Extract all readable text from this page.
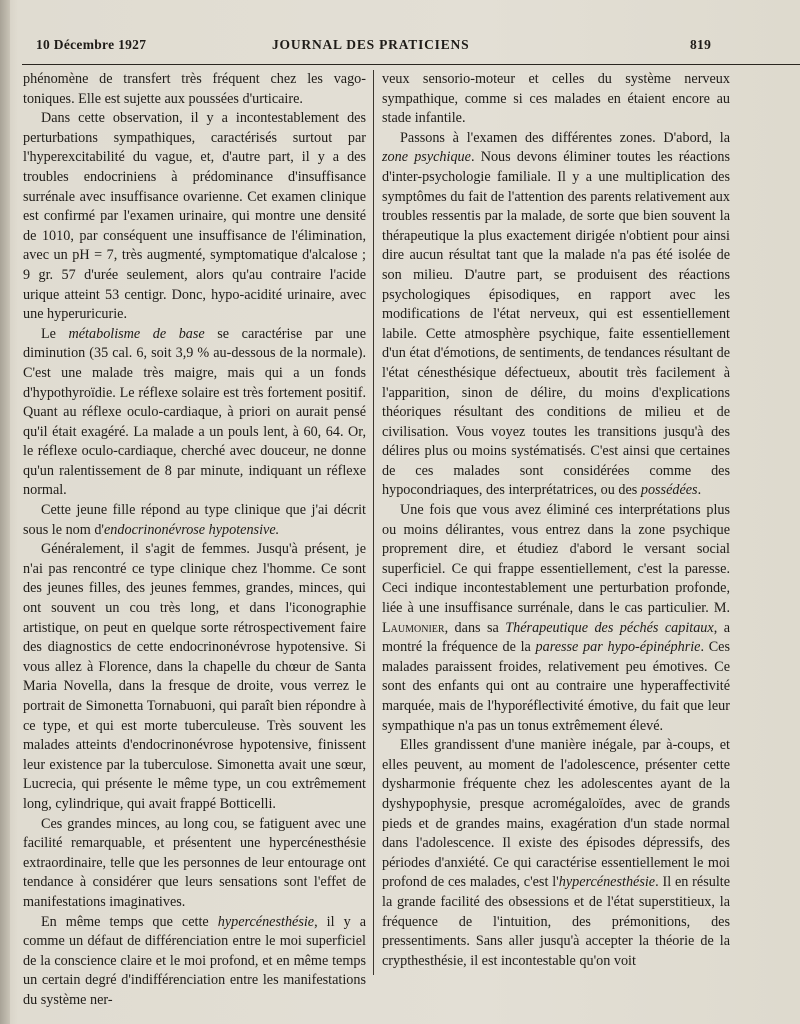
10 Décembre 1927	JOURNAL DES PRATICIENS	819

phénomène de transfert très fréquent chez les vago-toniques. Elle est sujette aux poussées d'urticaire.

Dans cette observation, il y a incontestablement des perturbations sympathiques, caractérisés surtout par l'hyperexcitabilité du vague, et, d'autre part, il y a des troubles endocriniens à prédominance d'insuffisance surrénale avec insuffisance ovarienne. Cet examen clinique est confirmé par l'examen urinaire, qui montre une densité de 1010, par conséquent une insuffisance de l'élimination, avec un pH = 7, très augmenté, symptomatique d'alcalose ; 9 gr. 57 d'urée seulement, alors qu'au contraire l'acide urique atteint 53 centigr. Donc, hypo-acidité urinaire, avec une hyperuricurie.

Le métabolisme de base se caractérise par une diminution (35 cal. 6, soit 3,9 % au-dessous de la normale). C'est une malade très maigre, mais qui a un fonds d'hypothyroïdie. Le réflexe solaire est très fortement positif. Quant au réflexe oculo-cardiaque, à priori on aurait pensé qu'il était exagéré. La malade a un pouls lent, à 60, 64. Or, le réflexe oculo-cardiaque, cherché avec douceur, ne donne qu'un ralentissement de 8 par minute, indiquant un réflexe normal.

Cette jeune fille répond au type clinique que j'ai décrit sous le nom d'endocrinonévrose hypotensive.

Généralement, il s'agit de femmes. Jusqu'à présent, je n'ai pas rencontré ce type clinique chez l'homme. Ce sont des jeunes filles, des jeunes femmes, grandes, minces, qui ont souvent un cou très long, et dans l'iconographie artistique, on peut en quelque sorte rétrospectivement faire des diagnostics de cette endocrinonévrose hypotensive. Si vous allez à Florence, dans la chapelle du chœur de Santa Maria Novella, dans la fresque de droite, vous verrez le portrait de Simonetta Tornabuoni, qui paraît bien répondre à ce type, et qui est morte tuberculeuse. Très souvent les malades atteints d'endocrinonévrose hypotensive, finissent leur existence par la tuberculose. Simonetta avait une sœur, Lucrecia, qui présente le même type, un cou extrêmement long, cylindrique, qui avait frappé Botticelli.

Ces grandes minces, au long cou, se fatiguent avec une facilité remarquable, et présentent une hypercénesthésie extraordinaire, telle que les personnes de leur entourage ont tendance à considérer que leurs sensations sont l'effet de manifestations imaginatives.

En même temps que cette hypercénesthésie, il y a comme un défaut de différenciation entre le moi superficiel de la conscience claire et le moi profond, et en même temps un certain degré d'indifférenciation entre les manifestations du système ner-

veux sensorio-moteur et celles du système nerveux sympathique, comme si ces malades en étaient encore au stade infantile.

Passons à l'examen des différentes zones. D'abord, la zone psychique. Nous devons éliminer toutes les réactions d'inter-psychologie familiale. Il y a une multiplication des symptômes du fait de l'attention des parents relativement aux troubles ressentis par la malade, de sorte que bien souvent la thérapeutique la plus exactement dirigée n'obtient pour ainsi dire aucun résultat tant que la malade n'a pas été isolée de son milieu. D'autre part, se produisent des réactions psychologiques épisodiques, en rapport avec les modifications de l'état nerveux, qui est essentiellement labile. Cette atmosphère psychique, faite essentiellement d'un état d'émotions, de sentiments, de tendances résultant de l'état cénesthésique défectueux, aboutit très facilement à l'apparition, sinon de délire, du moins d'explications théoriques résultant des conditions de milieu et de civilisation. Vous voyez toutes les transitions jusqu'à des délires plus ou moins systématisés. C'est ainsi que certaines de ces malades sont considérées comme des hypocondriaques, des interprétatrices, ou des possédées.

Une fois que vous avez éliminé ces interprétations plus ou moins délirantes, vous entrez dans la zone psychique proprement dire, et étudiez d'abord le versant social superficiel. Ce qui frappe essentiellement, c'est la paresse. Ceci indique incontestablement une perturbation profonde, liée à une insuffisance surrénale, dans le cas particulier. M. Laumonier, dans sa Thérapeutique des péchés capitaux, a montré la fréquence de la paresse par hypo-épinéphrie. Ces malades paraissent froides, relativement peu émotives. Ce sont des enfants qui ont au contraire une hyperaffectivité marquée, mais de l'hyporéflectivité émotive, du fait que leur sympathique n'a pas un tonus extrêmement élevé.

Elles grandissent d'une manière inégale, par à-coups, et elles peuvent, au moment de l'adolescence, présenter cette dysharmonie fréquente chez les adolescentes ayant de la dyshypophysie, presque acromégaloïdes, avec de grands pieds et de grandes mains, exagération d'un stade normal dans l'adolescence. Il existe des épisodes dépressifs, des périodes d'anxiété. Ce qui caractérise essentiellement le moi profond de ces malades, c'est l'hypercénesthésie. Il en résulte la grande facilité des obsessions et de l'état superstitieux, la fréquence de l'intuition, des prémonitions, des pressentiments. Sans aller jusqu'à accepter la théorie de la crypthesthésie, il est incontestable qu'on voit
